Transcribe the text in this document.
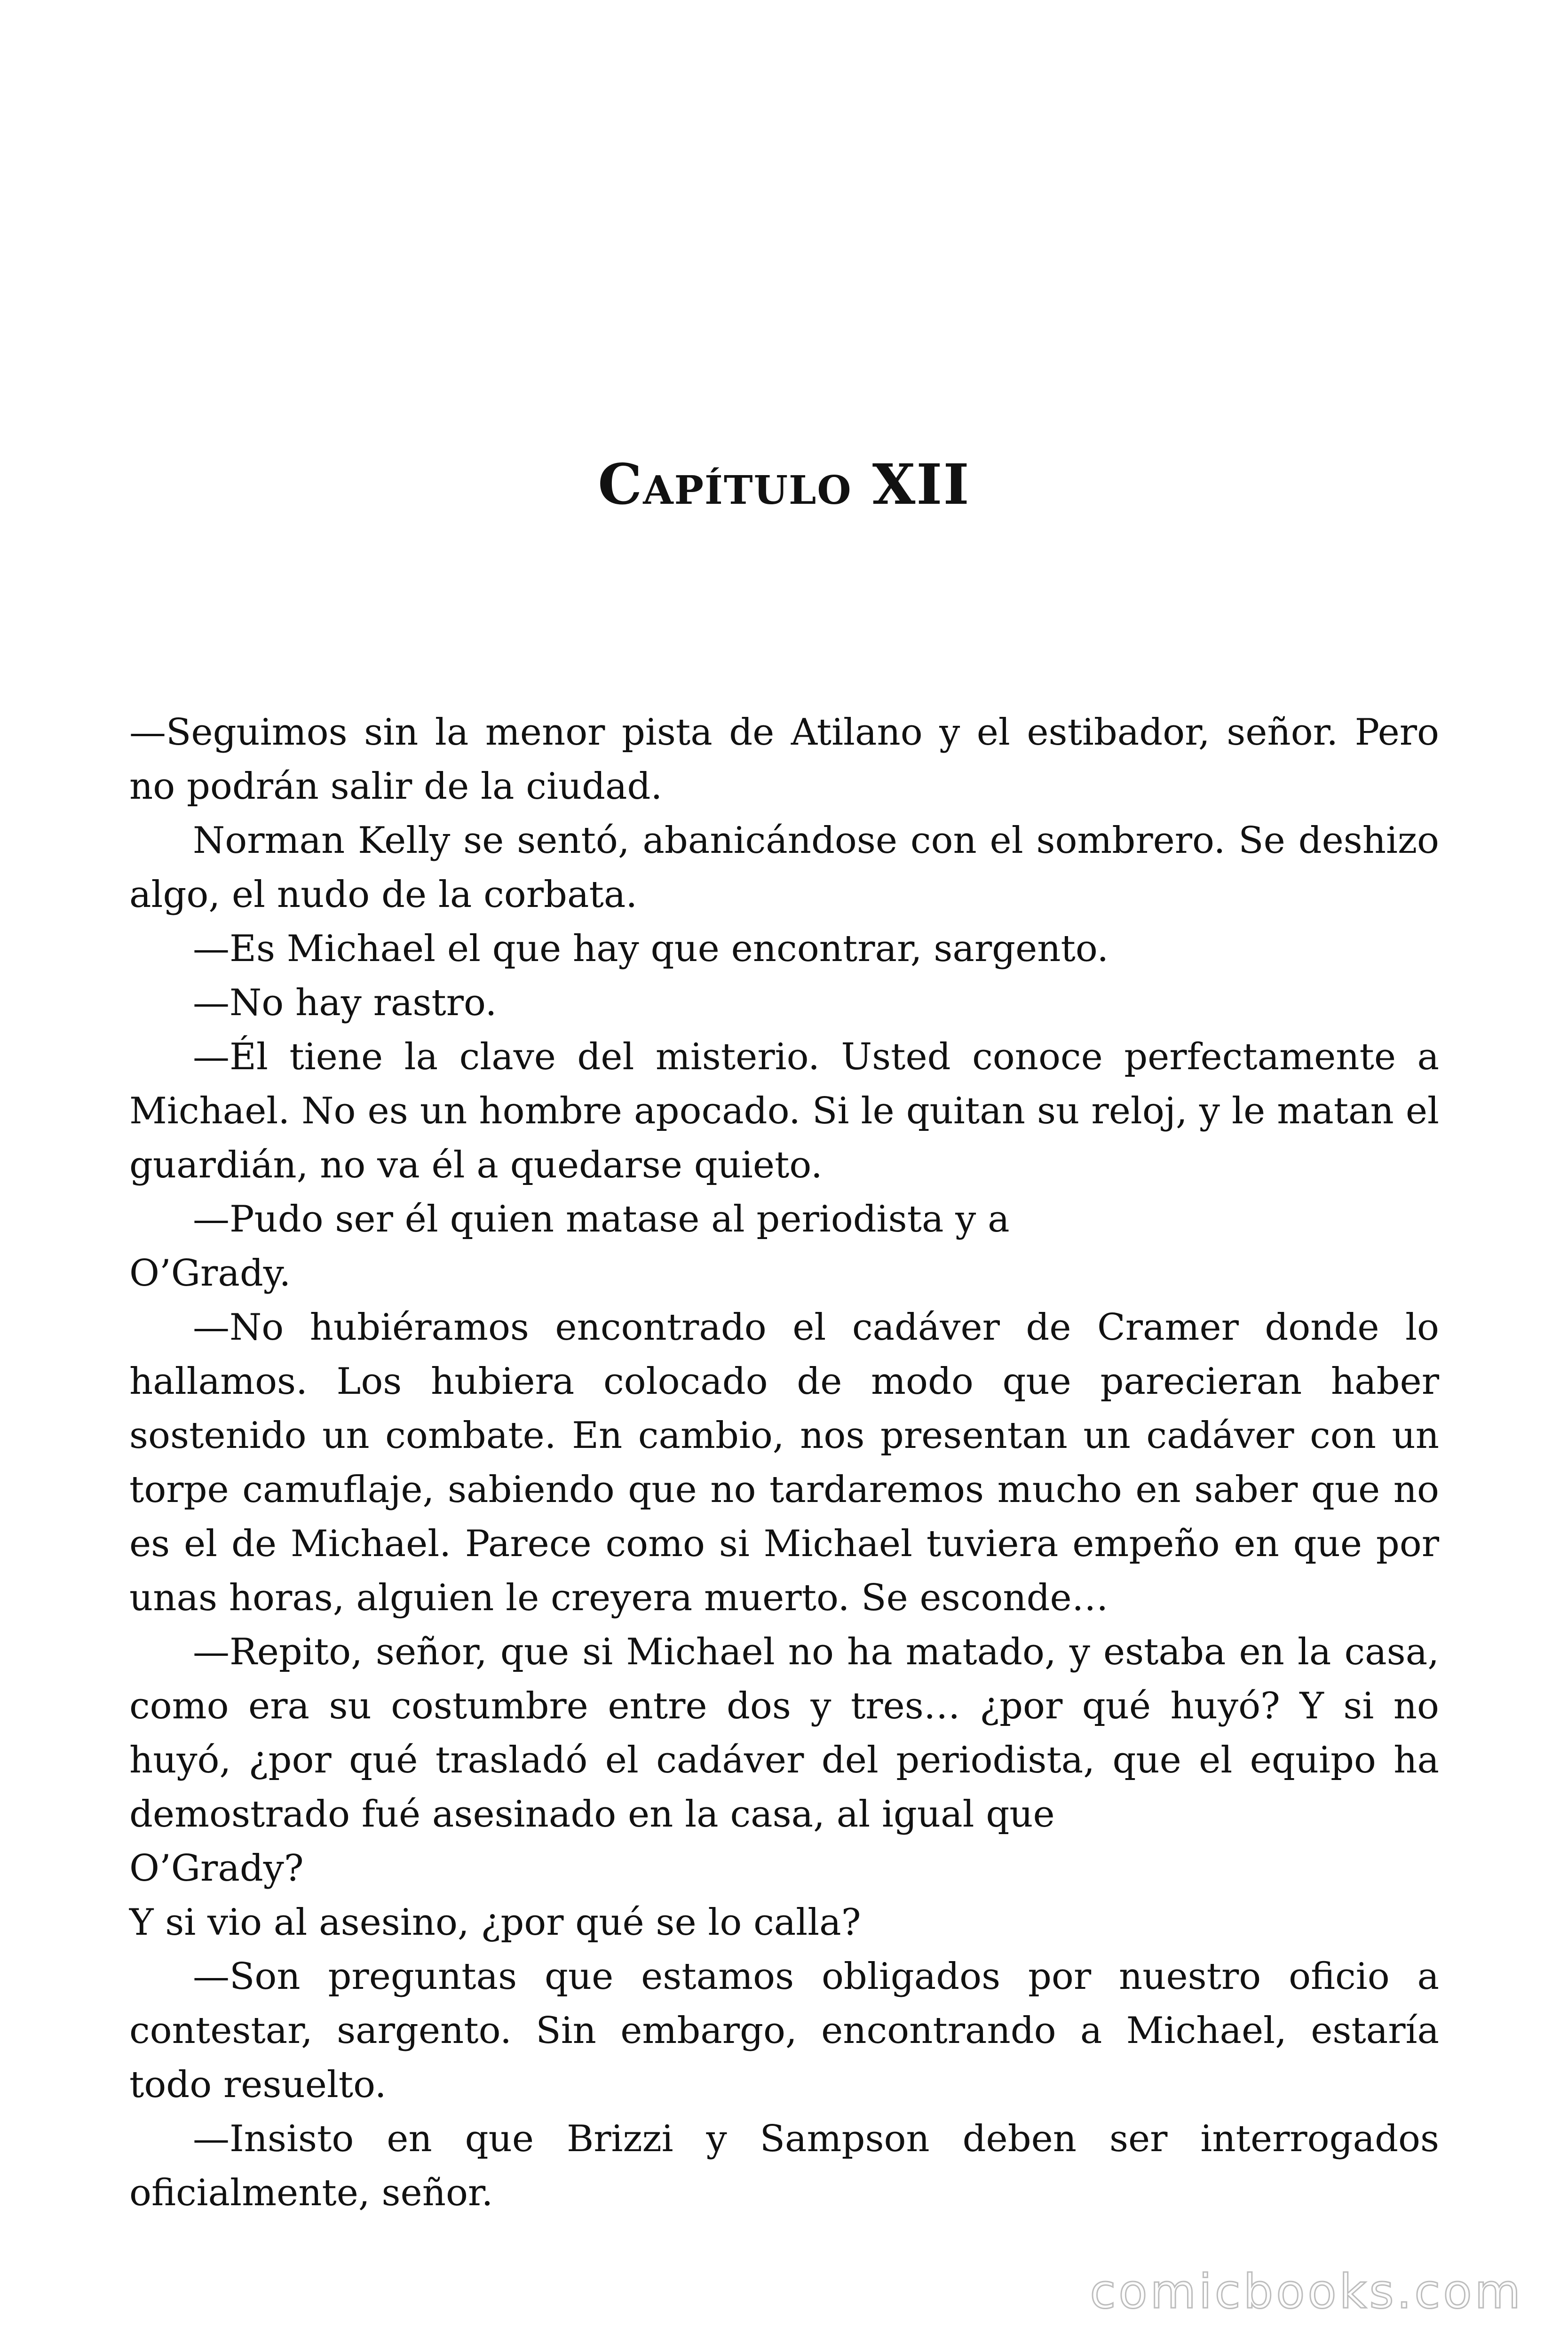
Capítulo XII

—Seguimos sin la menor pista de Atilano y el estibador, señor. Pero no podrán salir de la ciudad.

Norman Kelly se sentó, abanicándose con el sombrero. Se deshizo algo, el nudo de la corbata.

—Es Michael el que hay que encontrar, sargento.

—No hay rastro.

—Él tiene la clave del misterio. Usted conoce perfectamente a Michael. No es un hombre apocado. Si le quitan su reloj, y le matan el guardián, no va él a quedarse quieto.

—Pudo ser él quien matase al periodista y a

O’Grady.

—No hubiéramos encontrado el cadáver de Cramer donde lo hallamos. Los hubiera colocado de modo que parecieran haber sostenido un combate. En cambio, nos presentan un cadáver con un torpe camuflaje, sabiendo que no tardaremos mucho en saber que no es el de Michael. Parece como si Michael tuviera empeño en que por unas horas, alguien le creyera muerto. Se esconde…

—Repito, señor, que si Michael no ha matado, y estaba en la casa, como era su costumbre entre dos y tres… ¿por qué huyó? Y si no huyó, ¿por qué trasladó el cadáver del periodista, que el equipo ha demostrado fué asesinado en la casa, al igual que

O’Grady?

Y si vio al asesino, ¿por qué se lo calla?

—Son preguntas que estamos obligados por nuestro oficio a contestar, sargento. Sin embargo, encontrando a Michael, estaría todo resuelto.

—Insisto en que Brizzi y Sampson deben ser interrogados oficialmente, señor.

comicbooks.com
